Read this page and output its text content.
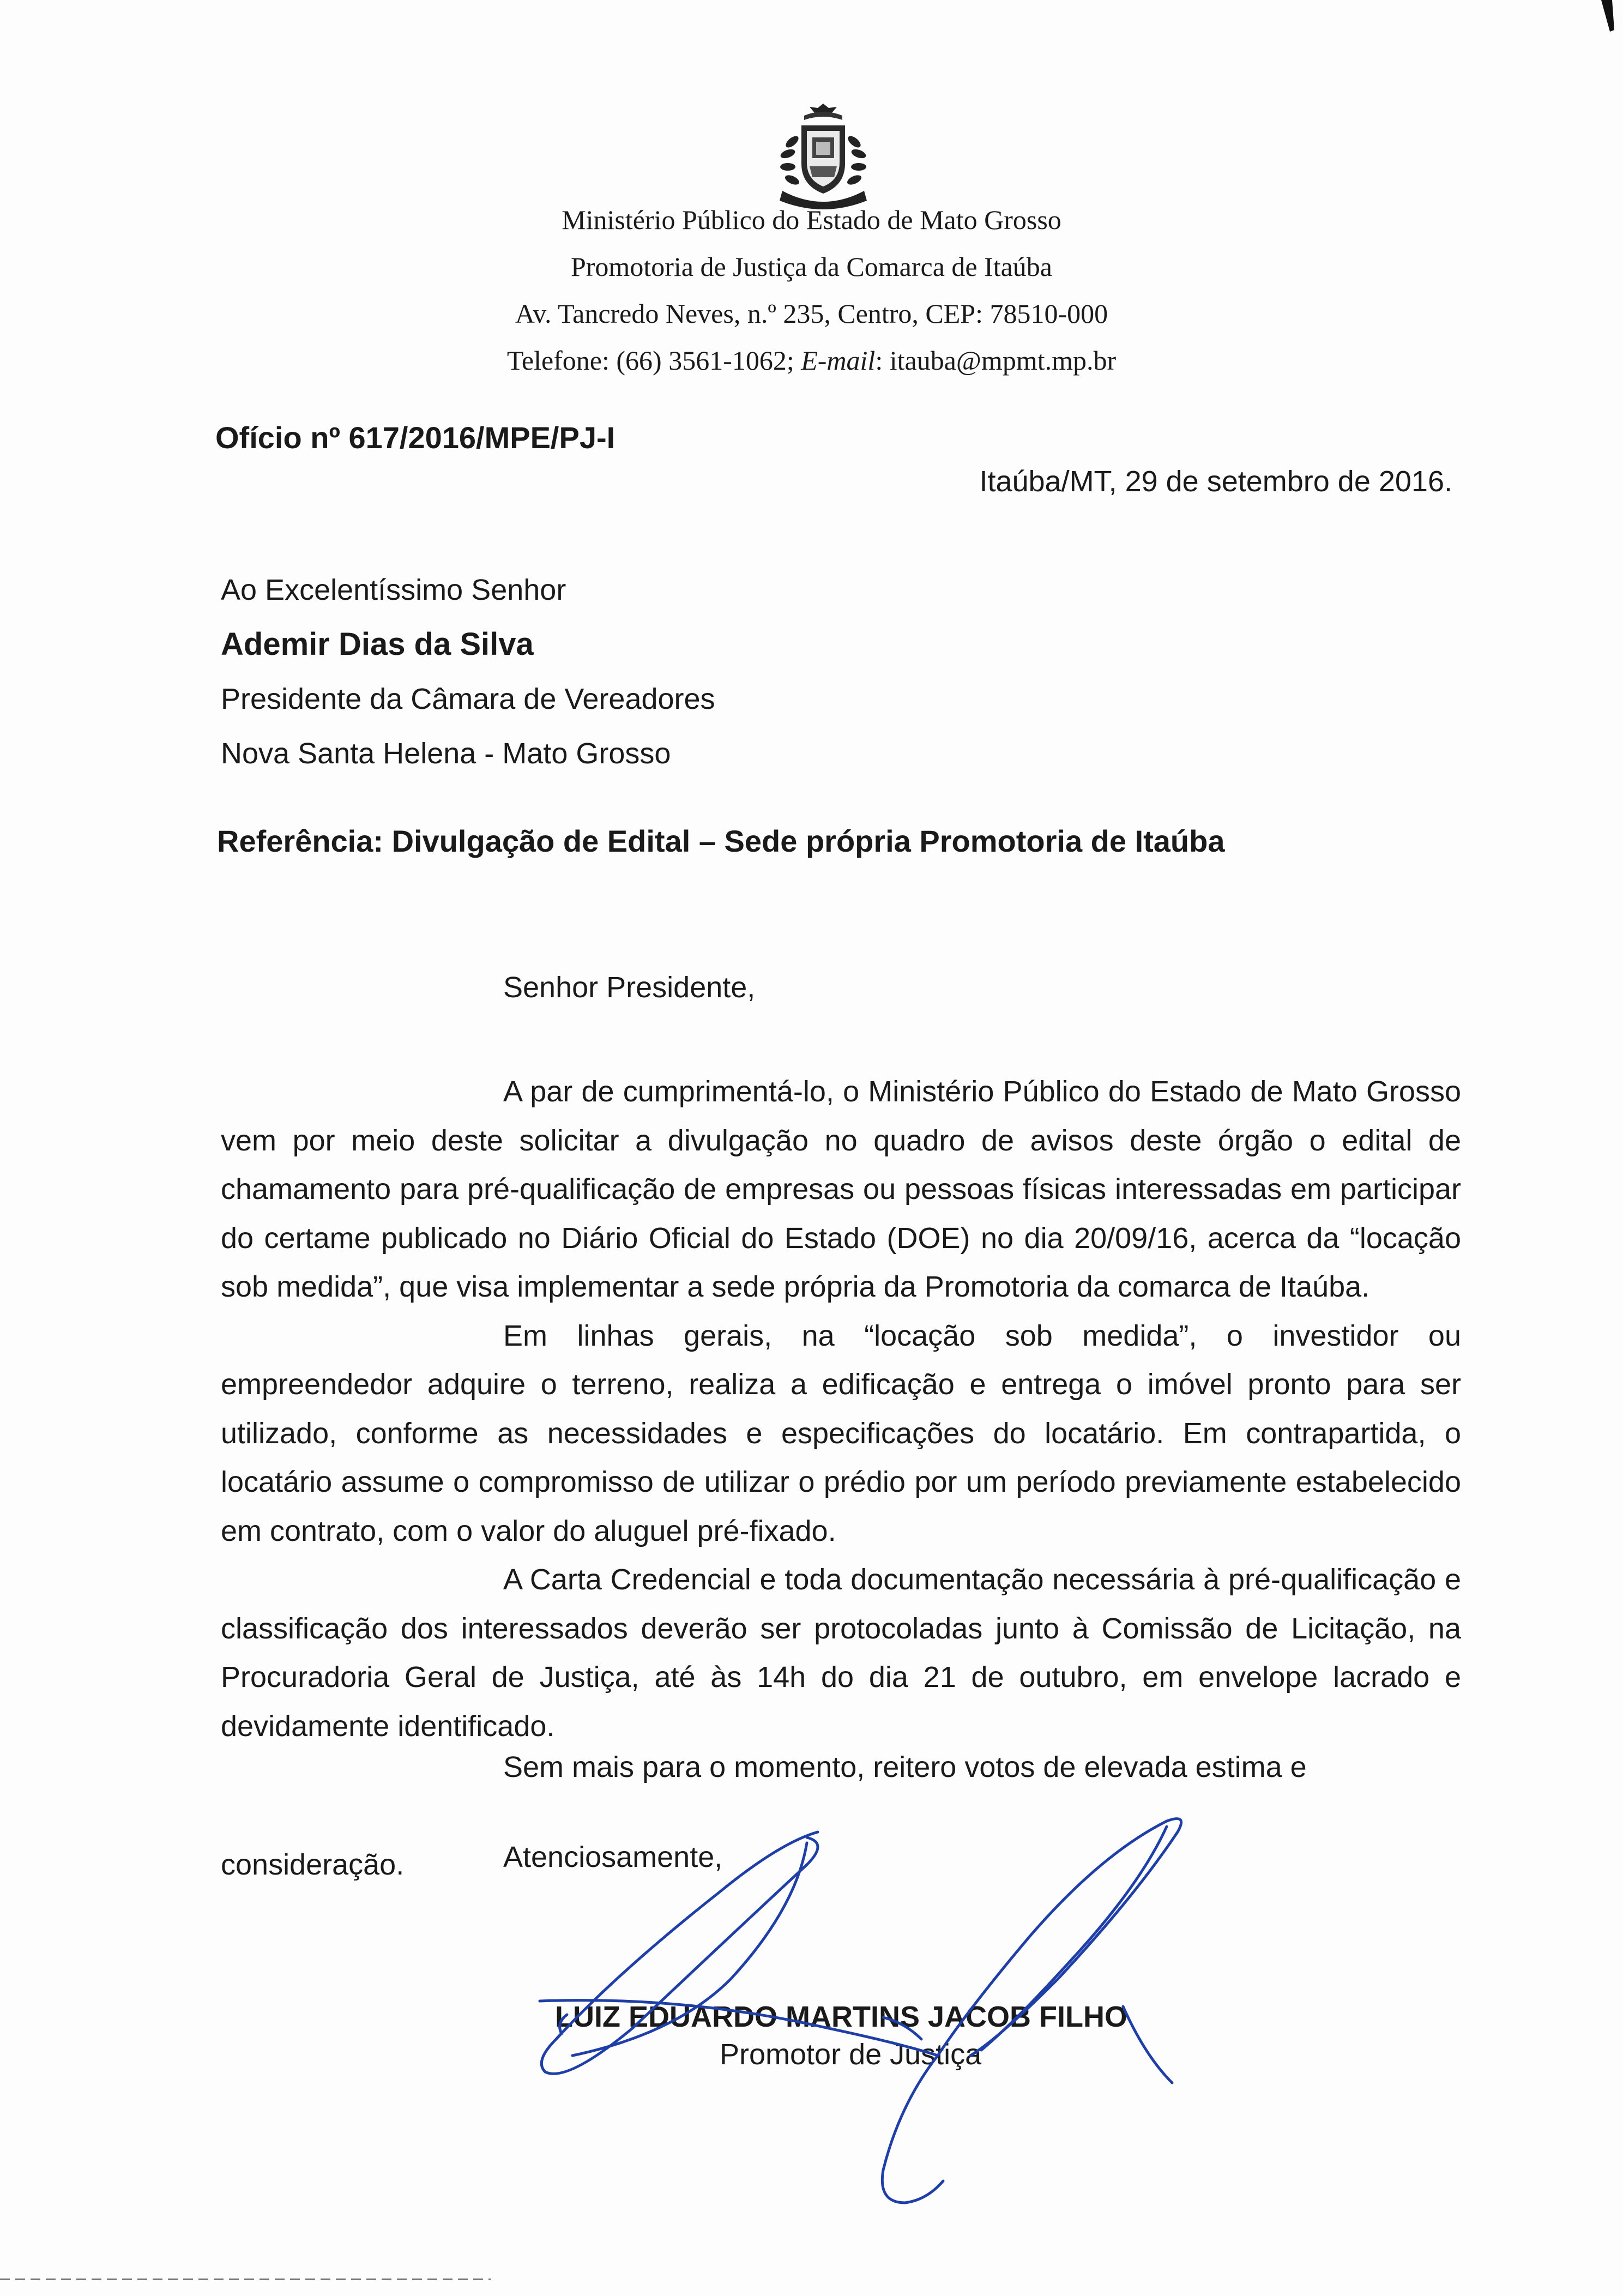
Ministério Público do Estado de Mato Grosso
Promotoria de Justiça da Comarca de Itaúba
Av. Tancredo Neves, n.º 235, Centro, CEP: 78510-000
Telefone: (66) 3561-1062; E-mail: itauba@mpmt.mp.br
Ofício nº 617/2016/MPE/PJ-I
Itaúba/MT, 29 de setembro de 2016.
Ao Excelentíssimo Senhor
Ademir Dias da Silva
Presidente da Câmara de Vereadores
Nova Santa Helena - Mato Grosso
Referência: Divulgação de Edital – Sede própria Promotoria de Itaúba
Senhor Presidente,

A par de cumprimentá-lo, o Ministério Público do Estado de Mato Grosso vem por meio deste solicitar a divulgação no quadro de avisos deste órgão o edital de chamamento para pré-qualificação de empresas ou pessoas físicas interessadas em participar do certame publicado no Diário Oficial do Estado (DOE) no dia 20/09/16, acerca da “locação sob medida”, que visa implementar a sede própria da Promotoria da comarca de Itaúba.

Em linhas gerais, na “locação sob medida”, o investidor ou empreendedor adquire o terreno, realiza a edificação e entrega o imóvel pronto para ser utilizado, conforme as necessidades e especificações do locatário. Em contrapartida, o locatário assume o compromisso de utilizar o prédio por um período previamente estabelecido em contrato, com o valor do aluguel pré-fixado.

A Carta Credencial e toda documentação necessária à pré-qualificação e classificação dos interessados deverão ser protocoladas junto à Comissão de Licitação, na Procuradoria Geral de Justiça, até às 14h do dia 21 de outubro, em envelope lacrado e devidamente identificado.

Sem mais para o momento, reitero votos de elevada estima e

consideração.	Atenciosamente,
LUIZ EDUARDO MARTINS JACOB FILHO
Promotor de Justiça
